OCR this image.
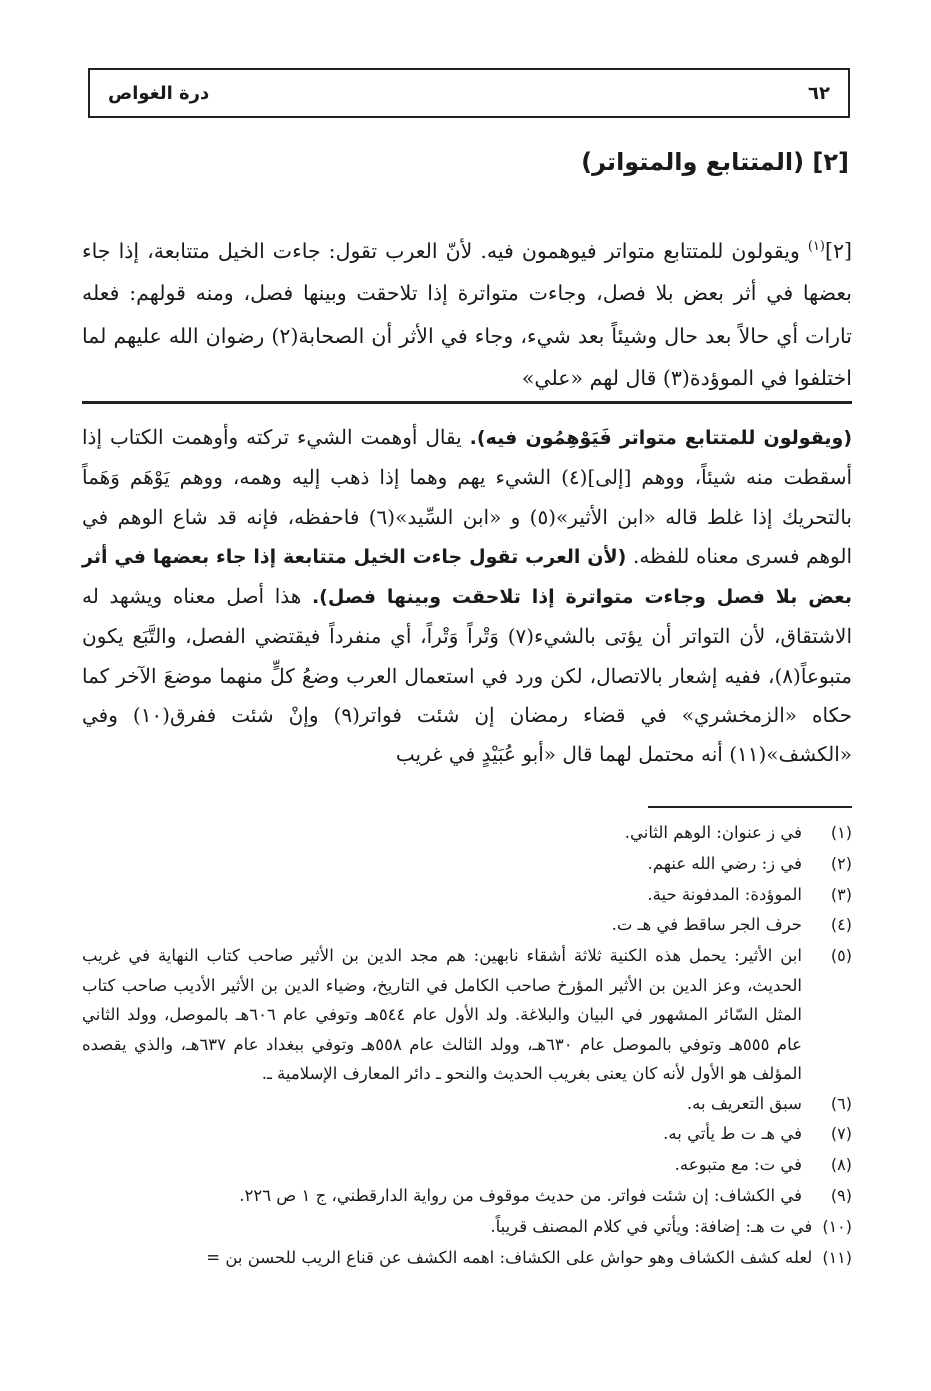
٦٢
درة الغواص
[٢] (المتتابع والمتواتر)
[٢]$^{(١)}$ ويقولون للمتتابع متواتر فيوهمون فيه. لأنّ العرب تقول: جاءت الخيل متتابعة، إذا جاء بعضها في أثر بعض بلا فصل، وجاءت متواترة إذا تلاحقت وبينها فصل، ومنه قولهم: فعله تارات أي حالاً بعد حال وشيئاً بعد شيء، وجاء في الأثر أن الصحابة(٢) رضوان الله عليهم لما اختلفوا في الموؤدة(٣) قال لهم «علي»
(ويقولون للمتتابع متواتر فَيَوْهِمُون فيه). يقال أوهمت الشيء تركته وأوهمت الكتاب إذا أسقطت منه شيئاً، ووهم [إلى](٤) الشيء يهم وهما إذا ذهب إليه وهمه، ووهم يَوْهَم وَهَماً بالتحريك إذا غلط قاله «ابن الأثير»(٥) و «ابن السِّيد»(٦) فاحفظه، فإنه قد شاع الوهم في الوهم فسرى معناه للفظه. (لأن العرب تقول جاءت الخيل متتابعة إذا جاء بعضها في أثر بعض بلا فصل وجاءت متواترة إذا تلاحقت وبينها فصل). هذا أصل معناه ويشهد له الاشتقاق، لأن التواتر أن يؤتى بالشيء(٧) وَتْراً وَتْراً، أي منفرداً فيقتضي الفصل، والتَّبَع يكون متبوعاً(٨)، ففيه إشعار بالاتصال، لكن ورد في استعمال العرب وضعُ كلٍّ منهما موضعَ الآخر كما حكاه «الزمخشري» في قضاء رمضان إن شئت فواتر(٩) وإنْ شئت ففرق(١٠) وفي «الكشف»(١١) أنه محتمل لهما قال «أبو عُبَيْدٍ في غريب
(١)
في ز عنوان: الوهم الثاني.
(٢)
في ز: رضي الله عنهم.
(٣)
الموؤدة: المدفونة حية.
(٤)
حرف الجر ساقط في هـ ت.
(٥)
ابن الأثير: يحمل هذه الكنية ثلاثة أشقاء نابهين: هم مجد الدين بن الأثير صاحب كتاب النهاية في غريب الحديث، وعز الدين بن الأثير المؤرخ صاحب الكامل في التاريخ، وضياء الدين بن الأثير الأديب صاحب كتاب المثل السّائر المشهور في البيان والبلاغة. ولد الأول عام ٥٤٤هـ وتوفي عام ٦٠٦هـ بالموصل، وولد الثاني عام ٥٥٥هـ وتوفي بالموصل عام ٦٣٠هـ، وولد الثالث عام ٥٥٨هـ وتوفي ببغداد عام ٦٣٧هـ، والذي يقصده المؤلف هو الأول لأنه كان يعنى بغريب الحديث والنحو ـ دائر المعارف الإسلامية ـ.
(٦)
سبق التعريف به.
(٧)
في هـ ت ط يأتي به.
(٨)
في ت: مع متبوعه.
(٩)
في الكشاف: إن شئت فواتر. من حديث موقوف من رواية الدارقطني، ج ١ ص ٢٢٦.
(١٠)
في ت هـ: إضافة: ويأتي في كلام المصنف قريباً.
(١١)
لعله كشف الكشاف وهو حواش على الكشاف: اهمه الكشف عن قناع الريب للحسن بن =
